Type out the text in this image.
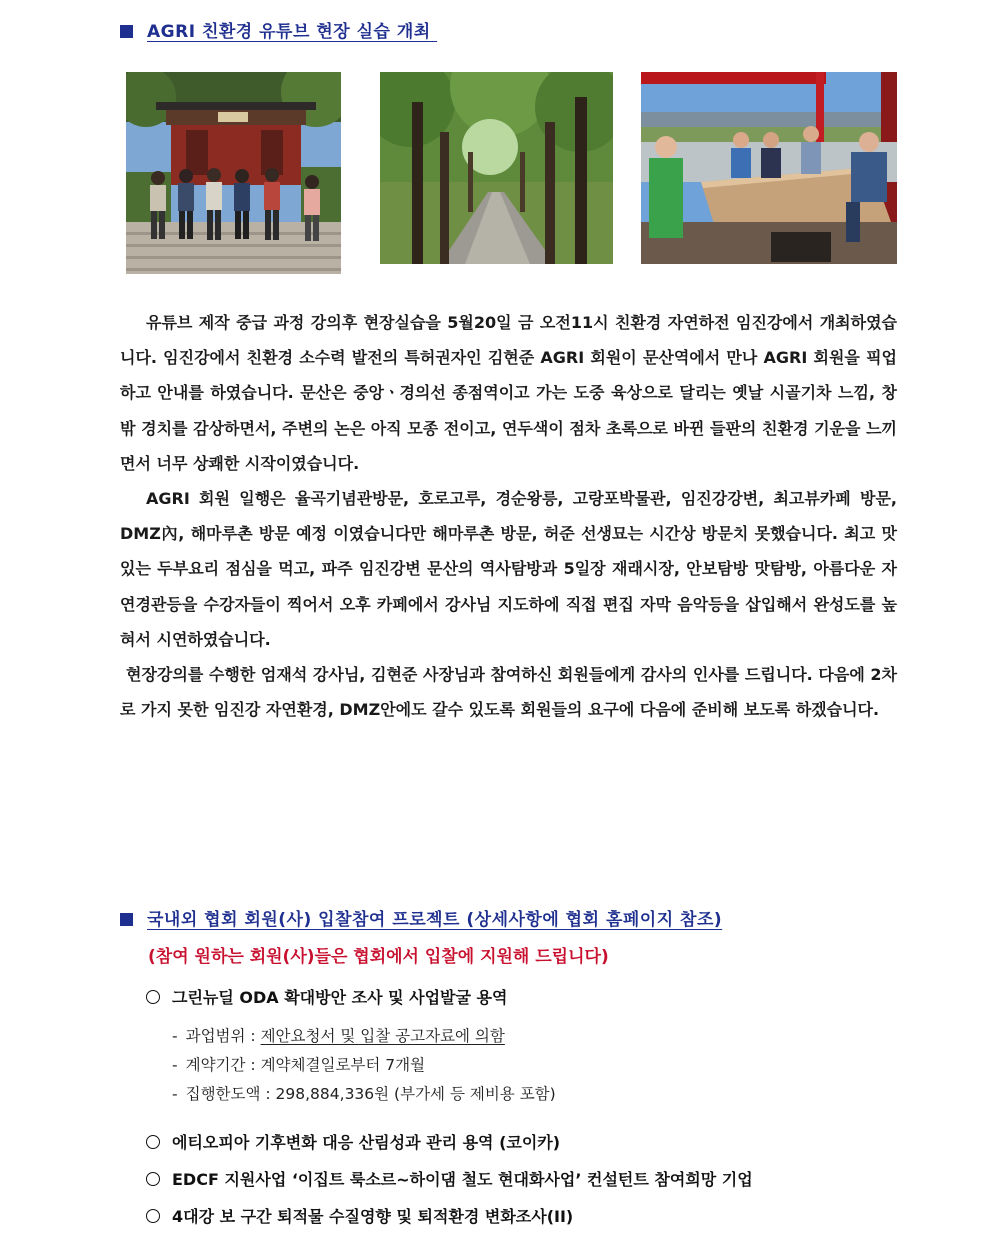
AGRI 친환경 유튜브 현장 실습 개최

유튜브 제작 중급 과정 강의후 현장실습을 5월20일 금 오전11시 친환경 자연하전 임진강에서 개최하였습니다. 임진강에서 친환경 소수력 발전의 특허권자인 김현준 AGRI 회원이 문산역에서 만나 AGRI 회원을 픽업하고 안내를 하였습니다. 문산은 중앙ㆍ경의선 종점역이고 가는 도중 육상으로 달리는 옛날 시골기차 느낌, 창밖 경치를 감상하면서, 주변의 논은 아직 모종 전이고, 연두색이 점차 초록으로 바뀐 들판의 친환경 기운을 느끼면서 너무 상쾌한 시작이였습니다.

AGRI 회원 일행은 율곡기념관방문, 호로고루, 경순왕릉, 고랑포박물관, 임진강강변, 최고뷰카페 방문, DMZ內, 해마루촌 방문 예정 이였습니다만 해마루촌 방문, 허준 선생묘는 시간상 방문치 못했습니다. 최고 맛있는 두부요리 점심을 먹고, 파주 임진강변 문산의 역사탐방과 5일장 재래시장, 안보탐방 맛탐방, 아름다운 자연경관등을 수강자들이 찍어서 오후 카페에서 강사님 지도하에 직접 편집 자막 음악등을 삽입해서 완성도를 높혀서 시연하였습니다.

현장강의를 수행한 엄재석 강사님, 김현준 사장님과 참여하신 회원들에게 감사의 인사를 드립니다. 다음에 2차로 가지 못한 임진강 자연환경, DMZ안에도 갈수 있도록 회원들의 요구에 다음에 준비해 보도록 하겠습니다.

국내외 협회 회원(사) 입찰참여 프로젝트 (상세사항에 협회 홈페이지 참조)
(참여 원하는 회원(사)들은 협회에서 입찰에 지원해 드립니다)
그린뉴딜 ODA 확대방안 조사 및 사업발굴 용역
- 과업범위 : 제안요청서 및 입찰 공고자료에 의함
- 계약기간 : 계약체결일로부터 7개월
- 집행한도액 : 298,884,336원 (부가세 등 제비용 포함)
에티오피아 기후변화 대응 산림성과 관리 용역 (코이카)
EDCF 지원사업 ‘이집트 룩소르~하이댐 철도 현대화사업’ 컨설턴트 참여희망 기업
4대강 보 구간 퇴적물 수질영향 및 퇴적환경 변화조사(II)
